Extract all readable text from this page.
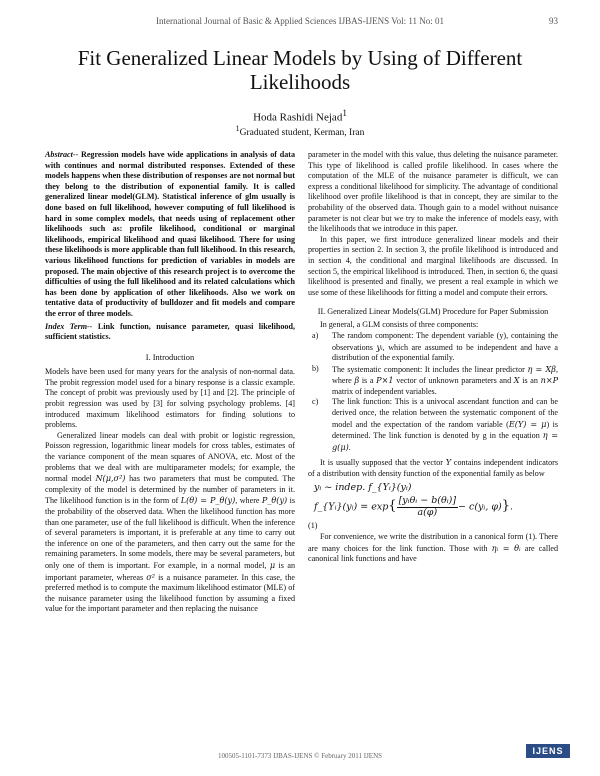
International Journal of Basic & Applied Sciences IJBAS-IJENS Vol: 11 No: 01	93
Fit Generalized Linear Models by Using of Different Likelihoods
Hoda Rashidi Nejad$^1$
$^1$Graduated student, Kerman, Iran

Abstract-- Regression models have wide applications in analysis of data with continues and normal distributed responses. Extended of these models happens when these distribution of responses are not normal but they belong to the distribution of exponential family. It is called generalized linear model(GLM). Statistical inference of glm usually is done based on full likelihood, however computing of full likelihood is hard in some complex models, that needs using of replacement other likelihoods such as: profile likelihood, conditional or marginal likelihoods, empirical likelihood and quasi likelihood. There for using these likelihoods is more applicable than full likelihood. In this research, various likelihood functions for prediction of variables in models are proposed. The main objective of this research project is to overcome the difficulties of using the full likelihood and its related calculations which has been done by application of other likelihoods. Also we work on tentative data of productivity of bulldozer and fit models and compare the error of three models.

Index Term-- Link function, nuisance parameter, quasi likelihood, sufficient statistics.

I. Introduction

Models have been used for many years for the analysis of non-normal data. The probit regression model used for a binary response is a classic example. The concept of probit was previously used by [1] and [2]. The principle of probit regression was used by [3] for solving psychology problems. [4] introduced maximum likelihood estimators for finding solutions to problems.

Generalized linear models can deal with probit or logistic regression, Poisson regression, logarithmic linear models for cross tables, estimates of the variance component of the mean squares of ANOVA, etc. Most of the problems that we deal with are multiparameter models; for example, the normal model N(μ,σ²) has two parameters that must be computed. The complexity of the model is determined by the number of parameters in it. The likelihood function is in the form of L(θ) = P_θ(y), where P_θ(y) is the probability of the observed data. When the likelihood function has more than one parameter, use of the full likelihood is difficult. When the inference of several parameters is important, it is preferable at any time to carry out the inference on one of the parameters, and then carry out the same for the remaining parameters. In some models, there may be several parameters, but only one of them is important. For example, in a normal model, μ is an important parameter, whereas σ² is a nuisance parameter. In this case, the preferred method is to compute the maximum likelihood estimator (MLE) of the nuisance parameter using the likelihood function by assuming a fixed value for the important parameter and then replacing the nuisance

parameter in the model with this value, thus deleting the nuisance parameter. This type of likelihood is called profile likelihood. In cases where the computation of the MLE of the nuisance parameter is difficult, we can express a conditional likelihood for simplicity. The advantage of conditional likelihood over profile likelihood is that in concept, they are similar to the probability of the observed data. Though gain to a model without nuisance parameter is not clear but we try to make the inference of models easy, with the likelihoods that we introduce in this paper.

In this paper, we first introduce generalized linear models and their properties in section 2. In section 3, the profile likelihood is introduced and in section 4, the conditional and marginal likelihoods are discussed. In section 5, the empirical likelihood is introduced. Then, in section 6, the quasi likelihood is presented and finally, we present a real example in which we use some of these likelihoods for fitting a model and compute their errors.

II. Generalized Linear Models(GLM) Procedure for Paper Submission

In general, a GLM consists of three components:

a) The random component: The dependent variable (y), containing the observations yᵢ, which are assumed to be independent and have a distribution of the exponential family.
b) The systematic component: It includes the linear predictor η = Xβ, where β is a P×1 vector of unknown parameters and X is an n×P matrix of independent variables.
c) The link function: This is a univocal ascendant function and can be derived once, the relation between the systematic component of the model and the expectation of the random variable (E(Y) = μ) is determined. The link function is denoted by g in the equation η = g(μ).

It is usually supposed that the vector Y contains independent indicators of a distribution with density function of the exponential family as below

yᵢ ~ indep. f_{Yᵢ}(yᵢ)

f_{Yᵢ}(yᵢ) = $\exp\{ \frac{\text{[yᵢθᵢ − b(θᵢ)]}}{a(\varphi)}$ − c(yᵢ, φ)}.

(1)

For convenience, we write the distribution in a canonical form (1). There are many choices for the link function. Those with ηᵢ = θᵢ are called canonical link functions and have

100505-1101-7373 IJBAS-IJENS © February 2011 IJENS	IJENS
